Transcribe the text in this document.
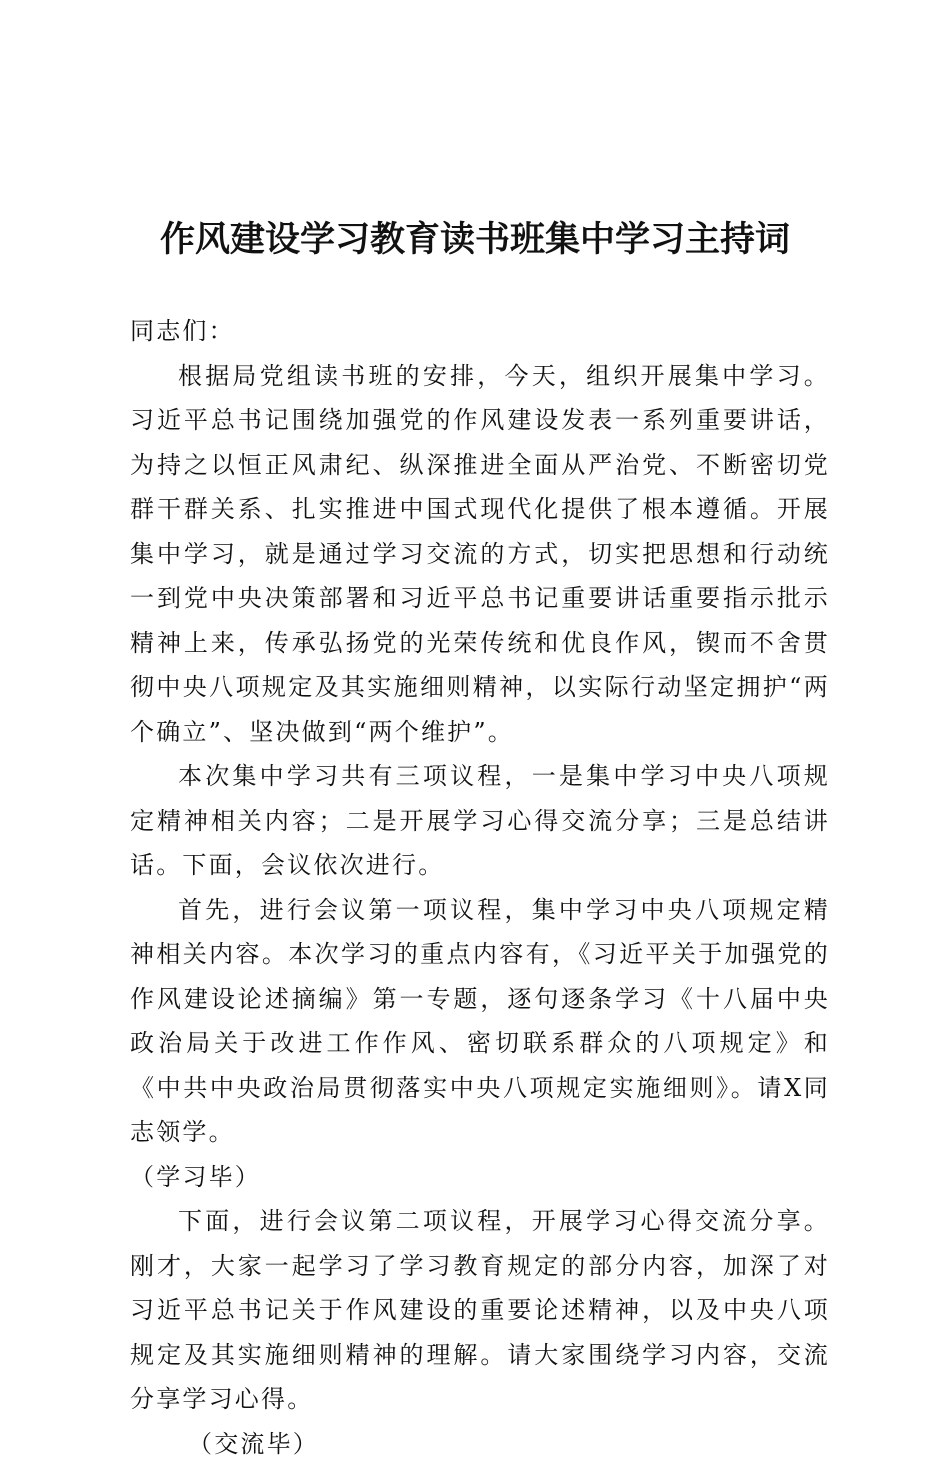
作风建设学习教育读书班集中学习主持词

同志们：

根据局党组读书班的安排，今天，组织开展集中学习。习近平总书记围绕加强党的作风建设发表一系列重要讲话，为持之以恒正风肃纪、纵深推进全面从严治党、不断密切党群干群关系、扎实推进中国式现代化提供了根本遵循。开展集中学习，就是通过学习交流的方式，切实把思想和行动统一到党中央决策部署和习近平总书记重要讲话重要指示批示精神上来，传承弘扬党的光荣传统和优良作风，锲而不舍贯彻中央八项规定及其实施细则精神，以实际行动坚定拥护“两个确立”、坚决做到“两个维护”。

本次集中学习共有三项议程，一是集中学习中央八项规定精神相关内容；二是开展学习心得交流分享；三是总结讲话。下面，会议依次进行。

首先，进行会议第一项议程，集中学习中央八项规定精神相关内容。本次学习的重点内容有，《习近平关于加强党的作风建设论述摘编》第一专题，逐句逐条学习《十八届中央政治局关于改进工作作风、密切联系群众的八项规定》和《中共中央政治局贯彻落实中央八项规定实施细则》。请X同志领学。

（学习毕）

下面，进行会议第二项议程，开展学习心得交流分享。刚才，大家一起学习了学习教育规定的部分内容，加深了对习近平总书记关于作风建设的重要论述精神，以及中央八项规定及其实施细则精神的理解。请大家围绕学习内容，交流分享学习心得。

（交流毕）
